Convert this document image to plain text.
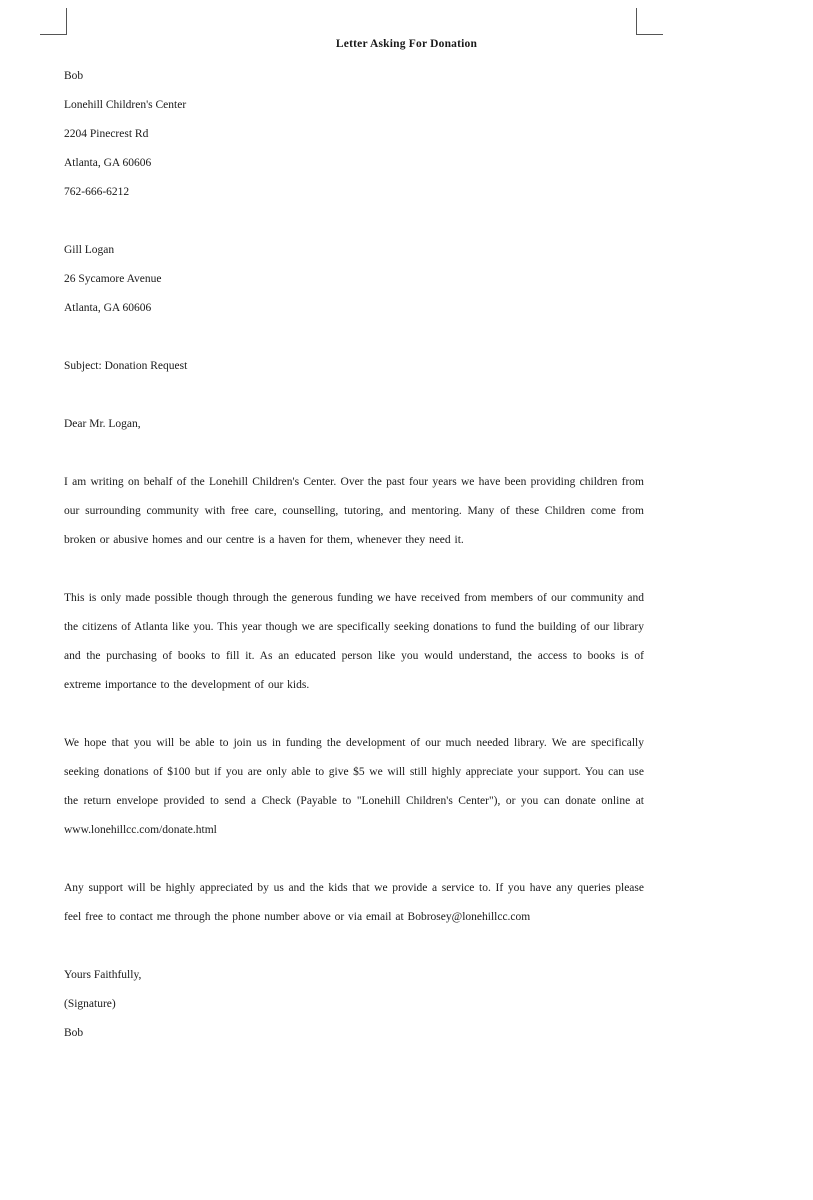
Letter Asking For Donation
Bob
Lonehill Children's Center
2204 Pinecrest Rd
Atlanta, GA 60606
762-666-6212
Gill Logan
26 Sycamore Avenue
Atlanta, GA 60606
Subject: Donation Request
Dear Mr. Logan,

I am writing on behalf of the Lonehill Children's Center. Over the past four years we have been providing children from our surrounding community with free care, counselling, tutoring, and mentoring. Many of these Children come from broken or abusive homes and our centre is a haven for them, whenever they need it.

This is only made possible though through the generous funding we have received from members of our community and the citizens of Atlanta like you. This year though we are specifically seeking donations to fund the building of our library and the purchasing of books to fill it. As an educated person like you would understand, the access to books is of extreme importance to the development of our kids.

We hope that you will be able to join us in funding the development of our much needed library. We are specifically seeking donations of $100 but if you are only able to give $5 we will still highly appreciate your support. You can use the return envelope provided to send a Check (Payable to "Lonehill Children's Center"), or you can donate online at www.lonehillcc.com/donate.html

Any support will be highly appreciated by us and the kids that we provide a service to. If you have any queries please feel free to contact me through the phone number above or via email at Bobrosey@lonehillcc.com

Yours Faithfully,
(Signature)
Bob
